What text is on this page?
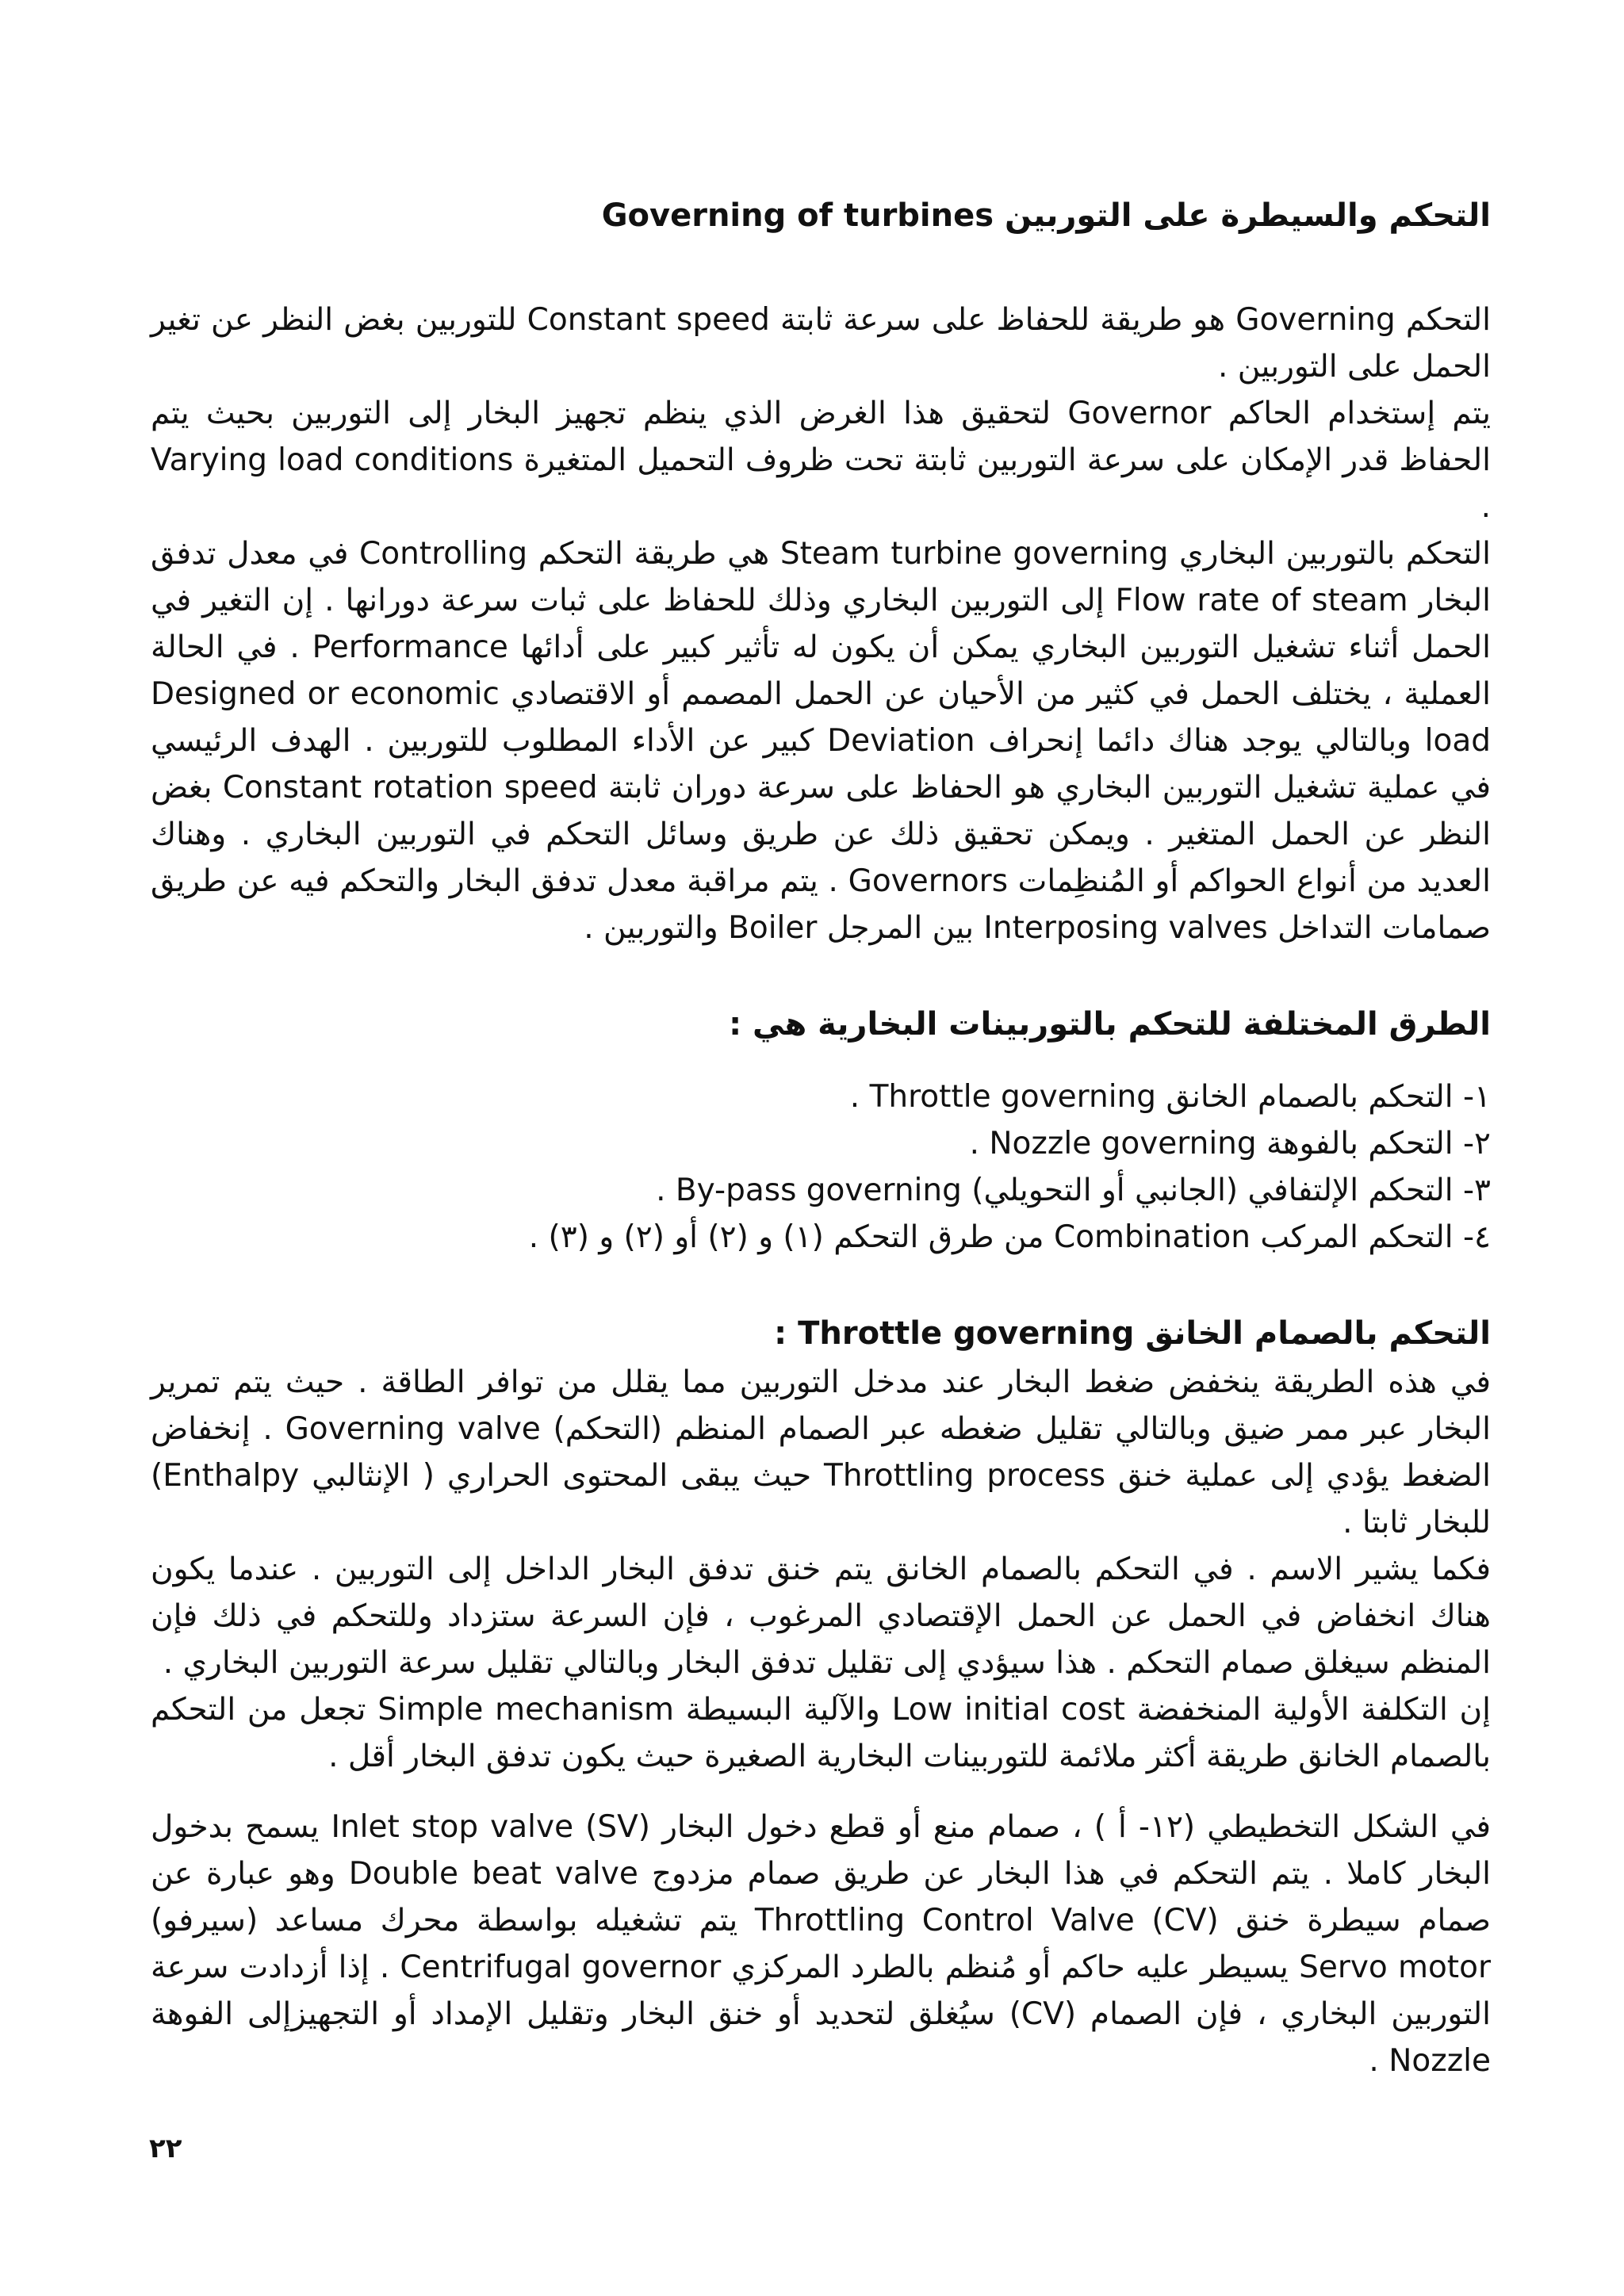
التحكم والسيطرة على التوربين Governing of turbines

التحكم Governing هو طريقة للحفاظ على سرعة ثابتة Constant speed للتوربين بغض النظر عن تغير الحمل على التوربين .

يتم إستخدام الحاكم Governor لتحقيق هذا الغرض الذي ينظم تجهيز البخار إلى التوربين بحيث يتم الحفاظ قدر الإمكان على سرعة التوربين ثابتة تحت ظروف التحميل المتغيرة Varying load conditions .

التحكم بالتوربين البخاري Steam turbine governing هي طريقة التحكم Controlling في معدل تدفق البخار Flow rate of steam إلى التوربين البخاري وذلك للحفاظ على ثبات سرعة دورانها . إن التغير في الحمل أثناء تشغيل التوربين البخاري يمكن أن يكون له تأثير كبير على أدائها Performance . في الحالة العملية ، يختلف الحمل في كثير من الأحيان عن الحمل المصمم أو الاقتصادي Designed or economic load وبالتالي يوجد هناك دائما إنحراف Deviation كبير عن الأداء المطلوب للتوربين . الهدف الرئيسي في عملية تشغيل التوربين البخاري هو الحفاظ على سرعة دوران ثابتة Constant rotation speed بغض النظر عن الحمل المتغير . ويمكن تحقيق ذلك عن طريق وسائل التحكم في التوربين البخاري . وهناك العديد من أنواع الحواكم أو المُنظِمات Governors . يتم مراقبة معدل تدفق البخار والتحكم فيه عن طريق صمامات التداخل Interposing valves بين المرجل Boiler والتوربين .

الطرق المختلفة للتحكم بالتوربينات البخارية هي :
١- التحكم بالصمام الخانق Throttle governing .
٢- التحكم بالفوهة Nozzle governing .
٣- التحكم الإلتفافي (الجانبي أو التحويلي) By-pass governing .
٤- التحكم المركب Combination من طرق التحكم (١) و (٢) أو (٢) و (٣) .
التحكم بالصمام الخانق Throttle governing :

في هذه الطريقة ينخفض ضغط البخار عند مدخل التوربين مما يقلل من توافر الطاقة . حيث يتم تمرير البخار عبر ممر ضيق وبالتالي تقليل ضغطه عبر الصمام المنظم (التحكم) Governing valve . إنخفاض الضغط يؤدي إلى عملية خنق Throttling process حيث يبقى المحتوى الحراري ( الإنثالبي Enthalpy) للبخار ثابتا .

فكما يشير الاسم . في التحكم بالصمام الخانق يتم خنق تدفق البخار الداخل إلى التوربين . عندما يكون هناك انخفاض في الحمل عن الحمل الإقتصادي المرغوب ، فإن السرعة ستزداد وللتحكم في ذلك فإن المنظم سيغلق صمام التحكم . هذا سيؤدي إلى تقليل تدفق البخار وبالتالي تقليل سرعة التوربين البخاري .

إن التكلفة الأولية المنخفضة Low initial cost والآلية البسيطة Simple mechanism تجعل من التحكم بالصمام الخانق طريقة أكثر ملائمة للتوربينات البخارية الصغيرة حيث يكون تدفق البخار أقل .

في الشكل التخطيطي (١٢- أ ) ، صمام منع أو قطع دخول البخار Inlet stop valve (SV) يسمح بدخول البخار كاملا . يتم التحكم في هذا البخار عن طريق صمام مزدوج Double beat valve وهو عبارة عن صمام سيطرة خنق Throttling Control Valve (CV) يتم تشغيله بواسطة محرك مساعد (سيرفو) Servo motor يسيطر عليه حاكم أو مُنظم بالطرد المركزي Centrifugal governor . إذا أزدادت سرعة التوربين البخاري ، فإن الصمام (CV) سيُغلق لتحديد أو خنق البخار وتقليل الإمداد أو التجهيزإلى الفوهة Nozzle .

٢٢
